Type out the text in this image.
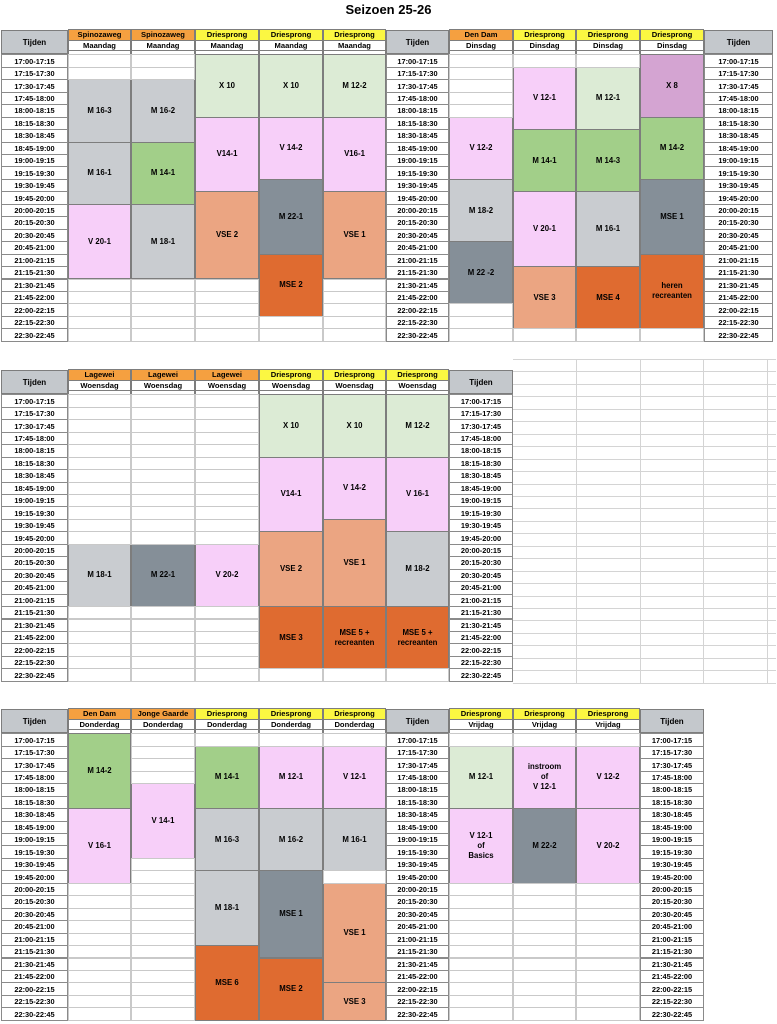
Seizoen 25-26
Tijden
17:00-17:15
17:15-17:30
17:30-17:45
17:45-18:00
18:00-18:15
18:15-18:30
18:30-18:45
18:45-19:00
19:00-19:15
19:15-19:30
19:30-19:45
19:45-20:00
20:00-20:15
20:15-20:30
20:30-20:45
20:45-21:00
21:00-21:15
21:15-21:30
21:30-21:45
21:45-22:00
22:00-22:15
22:15-22:30
22:30-22:45
Spinozaweg
Maandag
M 16-3
M 16-1
V 20-1
Spinozaweg
Maandag
M 16-2
M 14-1
M 18-1
Driesprong
Maandag
X 10
V14-1
VSE 2
Driesprong
Maandag
X 10
V 14-2
M 22-1
MSE 2
Driesprong
Maandag
M 12-2
V16-1
VSE 1
Tijden
17:00-17:15
17:15-17:30
17:30-17:45
17:45-18:00
18:00-18:15
18:15-18:30
18:30-18:45
18:45-19:00
19:00-19:15
19:15-19:30
19:30-19:45
19:45-20:00
20:00-20:15
20:15-20:30
20:30-20:45
20:45-21:00
21:00-21:15
21:15-21:30
21:30-21:45
21:45-22:00
22:00-22:15
22:15-22:30
22:30-22:45
Den Dam
Dinsdag
V 12-2
M 18-2
M 22 -2
Driesprong
Dinsdag
V 12-1
M 14-1
V 20-1
VSE 3
Driesprong
Dinsdag
M 12-1
M 14-3
M 16-1
MSE 4
Driesprong
Dinsdag
X 8
M 14-2
MSE 1
heren
recreanten
Tijden
17:00-17:15
17:15-17:30
17:30-17:45
17:45-18:00
18:00-18:15
18:15-18:30
18:30-18:45
18:45-19:00
19:00-19:15
19:15-19:30
19:30-19:45
19:45-20:00
20:00-20:15
20:15-20:30
20:30-20:45
20:45-21:00
21:00-21:15
21:15-21:30
21:30-21:45
21:45-22:00
22:00-22:15
22:15-22:30
22:30-22:45
Tijden
17:00-17:15
17:15-17:30
17:30-17:45
17:45-18:00
18:00-18:15
18:15-18:30
18:30-18:45
18:45-19:00
19:00-19:15
19:15-19:30
19:30-19:45
19:45-20:00
20:00-20:15
20:15-20:30
20:30-20:45
20:45-21:00
21:00-21:15
21:15-21:30
21:30-21:45
21:45-22:00
22:00-22:15
22:15-22:30
22:30-22:45
Lagewei
Woensdag
M 18-1
Lagewei
Woensdag
M 22-1
Lagewei
Woensdag
V 20-2
Driesprong
Woensdag
X 10
V14-1
VSE 2
MSE 3
Driesprong
Woensdag
X 10
V 14-2
VSE 1
MSE 5 +
recreanten
Driesprong
Woensdag
M 12-2
V 16-1
M 18-2
MSE 5 +
recreanten
Tijden
17:00-17:15
17:15-17:30
17:30-17:45
17:45-18:00
18:00-18:15
18:15-18:30
18:30-18:45
18:45-19:00
19:00-19:15
19:15-19:30
19:30-19:45
19:45-20:00
20:00-20:15
20:15-20:30
20:30-20:45
20:45-21:00
21:00-21:15
21:15-21:30
21:30-21:45
21:45-22:00
22:00-22:15
22:15-22:30
22:30-22:45
Tijden
17:00-17:15
17:15-17:30
17:30-17:45
17:45-18:00
18:00-18:15
18:15-18:30
18:30-18:45
18:45-19:00
19:00-19:15
19:15-19:30
19:30-19:45
19:45-20:00
20:00-20:15
20:15-20:30
20:30-20:45
20:45-21:00
21:00-21:15
21:15-21:30
21:30-21:45
21:45-22:00
22:00-22:15
22:15-22:30
22:30-22:45
Den Dam
Donderdag
M 14-2
V 16-1
Jonge Gaarde
Donderdag
V 14-1
Driesprong
Donderdag
M 14-1
M 16-3
M 18-1
MSE 6
Driesprong
Donderdag
M 12-1
M 16-2
MSE 1
MSE 2
Driesprong
Donderdag
V 12-1
M 16-1
VSE 1
VSE 3
Tijden
17:00-17:15
17:15-17:30
17:30-17:45
17:45-18:00
18:00-18:15
18:15-18:30
18:30-18:45
18:45-19:00
19:00-19:15
19:15-19:30
19:30-19:45
19:45-20:00
20:00-20:15
20:15-20:30
20:30-20:45
20:45-21:00
21:00-21:15
21:15-21:30
21:30-21:45
21:45-22:00
22:00-22:15
22:15-22:30
22:30-22:45
Driesprong
Vrijdag
M 12-1
V 12-1
of
Basics
Driesprong
Vrijdag
instroom
of
V 12-1
M 22-2
Driesprong
Vrijdag
V 12-2
V 20-2
Tijden
17:00-17:15
17:15-17:30
17:30-17:45
17:45-18:00
18:00-18:15
18:15-18:30
18:30-18:45
18:45-19:00
19:00-19:15
19:15-19:30
19:30-19:45
19:45-20:00
20:00-20:15
20:15-20:30
20:30-20:45
20:45-21:00
21:00-21:15
21:15-21:30
21:30-21:45
21:45-22:00
22:00-22:15
22:15-22:30
22:30-22:45
